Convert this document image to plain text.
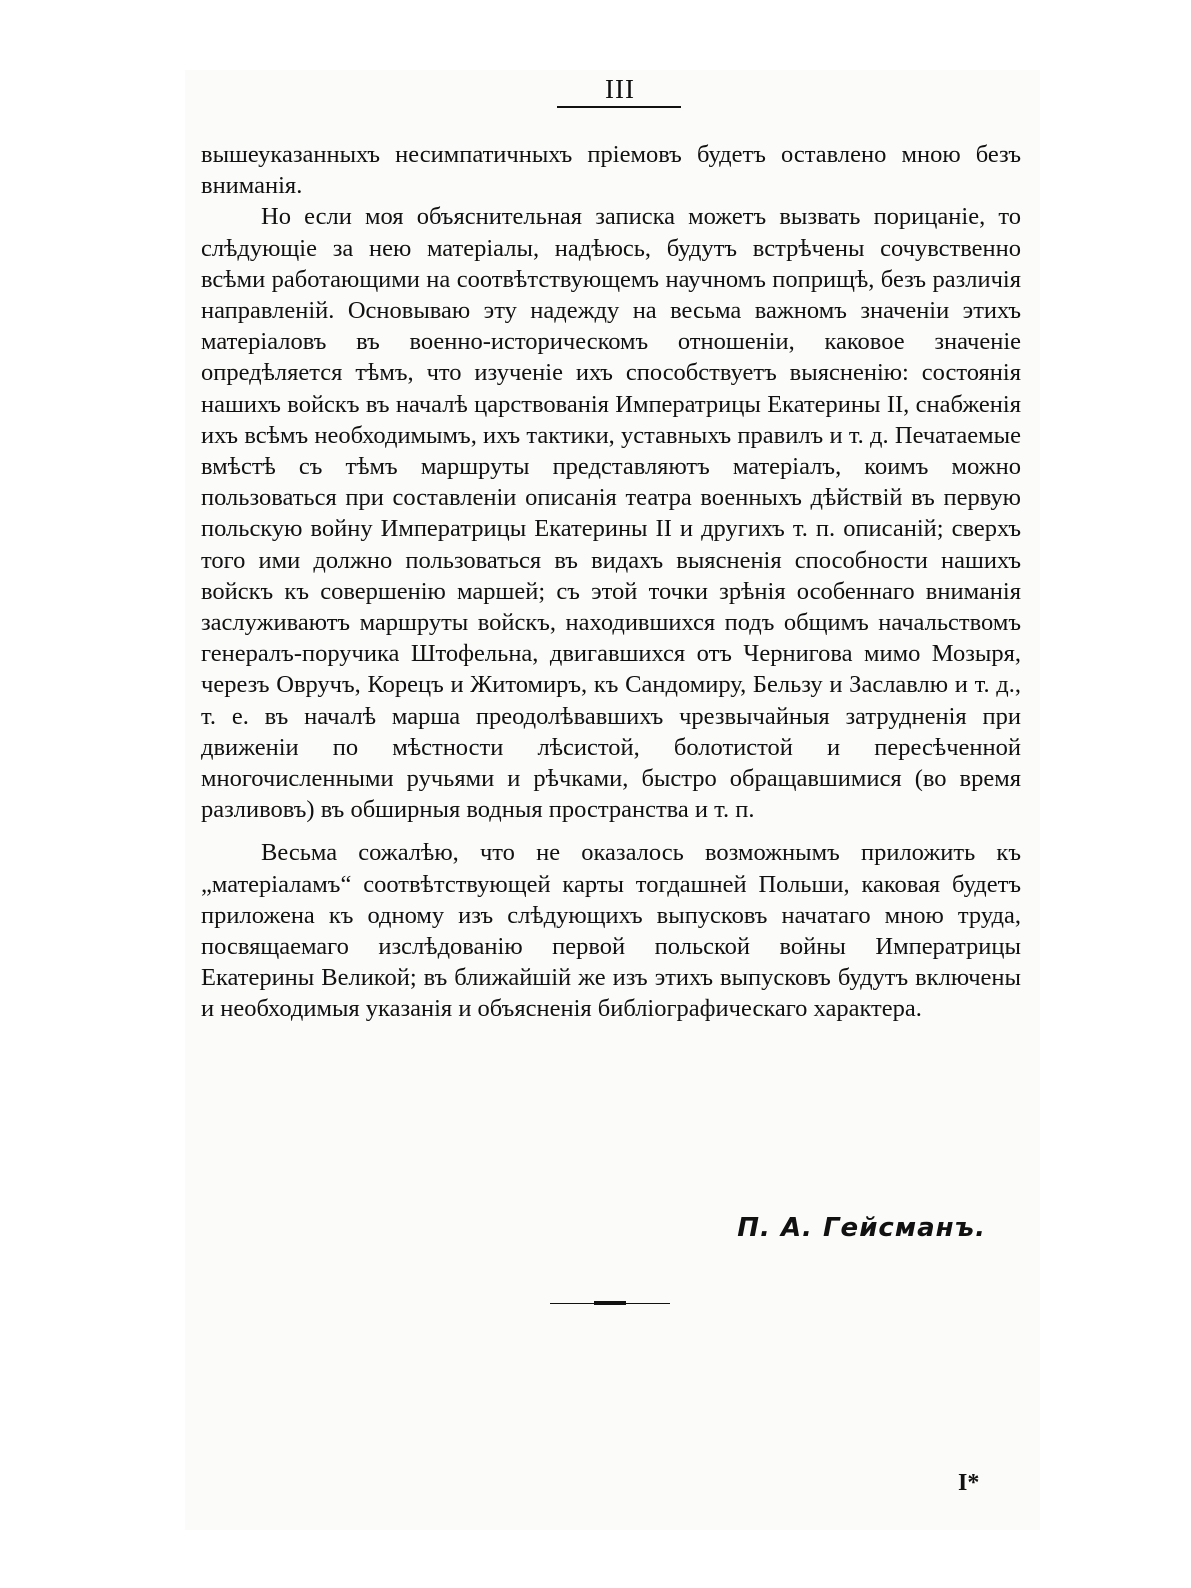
III

вышеуказанныхъ несимпатичныхъ пріемовъ будетъ оставлено мною безъ вниманія.

Но если моя объяснительная записка можетъ вызвать порицаніе, то слѣдующіе за нею матеріалы, надѣюсь, будутъ встрѣчены сочувственно всѣми работающими на соотвѣтствующемъ научномъ поприщѣ, безъ различія направленій. Основываю эту надежду на весьма важномъ значеніи этихъ матеріаловъ въ военно-историческомъ отношеніи, каковое значеніе опредѣляется тѣмъ, что изученіе ихъ способствуетъ выясненію: состоянія нашихъ войскъ въ началѣ царствованія Императрицы Екатерины II, снабженія ихъ всѣмъ необходимымъ, ихъ тактики, уставныхъ правилъ и т. д. Печатаемые вмѣстѣ съ тѣмъ маршруты представляютъ матеріалъ, коимъ можно пользоваться при составленіи описанія театра военныхъ дѣйствій въ первую польскую войну Императрицы Екатерины II и другихъ т. п. описаній; сверхъ того ими должно пользоваться въ видахъ выясненія способности нашихъ войскъ къ совершенію маршей; съ этой точки зрѣнія особеннаго вниманія заслуживаютъ маршруты войскъ, находившихся подъ общимъ начальствомъ генералъ-поручика Штофельна, двигавшихся отъ Чернигова мимо Мозыря, черезъ Овручъ, Корецъ и Житомиръ, къ Сандомиру, Бельзу и Заславлю и т. д., т. е. въ началѣ марша преодолѣвавшихъ чрезвычайныя затрудненія при движеніи по мѣстности лѣсистой, болотистой и пересѣченной многочисленными ручьями и рѣчками, быстро обращавшимися (во время разливовъ) въ обширныя водныя пространства и т. п.

Весьма сожалѣю, что не оказалось возможнымъ приложить къ „матеріаламъ“ соотвѣтствующей карты тогдашней Польши, каковая будетъ приложена къ одному изъ слѣдующихъ выпусковъ начатаго мною труда, посвящаемаго изслѣдованію первой польской войны Императрицы Екатерины Великой; въ ближайшій же изъ этихъ выпусковъ будутъ включены и необходимыя указанія и объясненія библіографическаго характера.

П. А. Гейсманъ.
I*
